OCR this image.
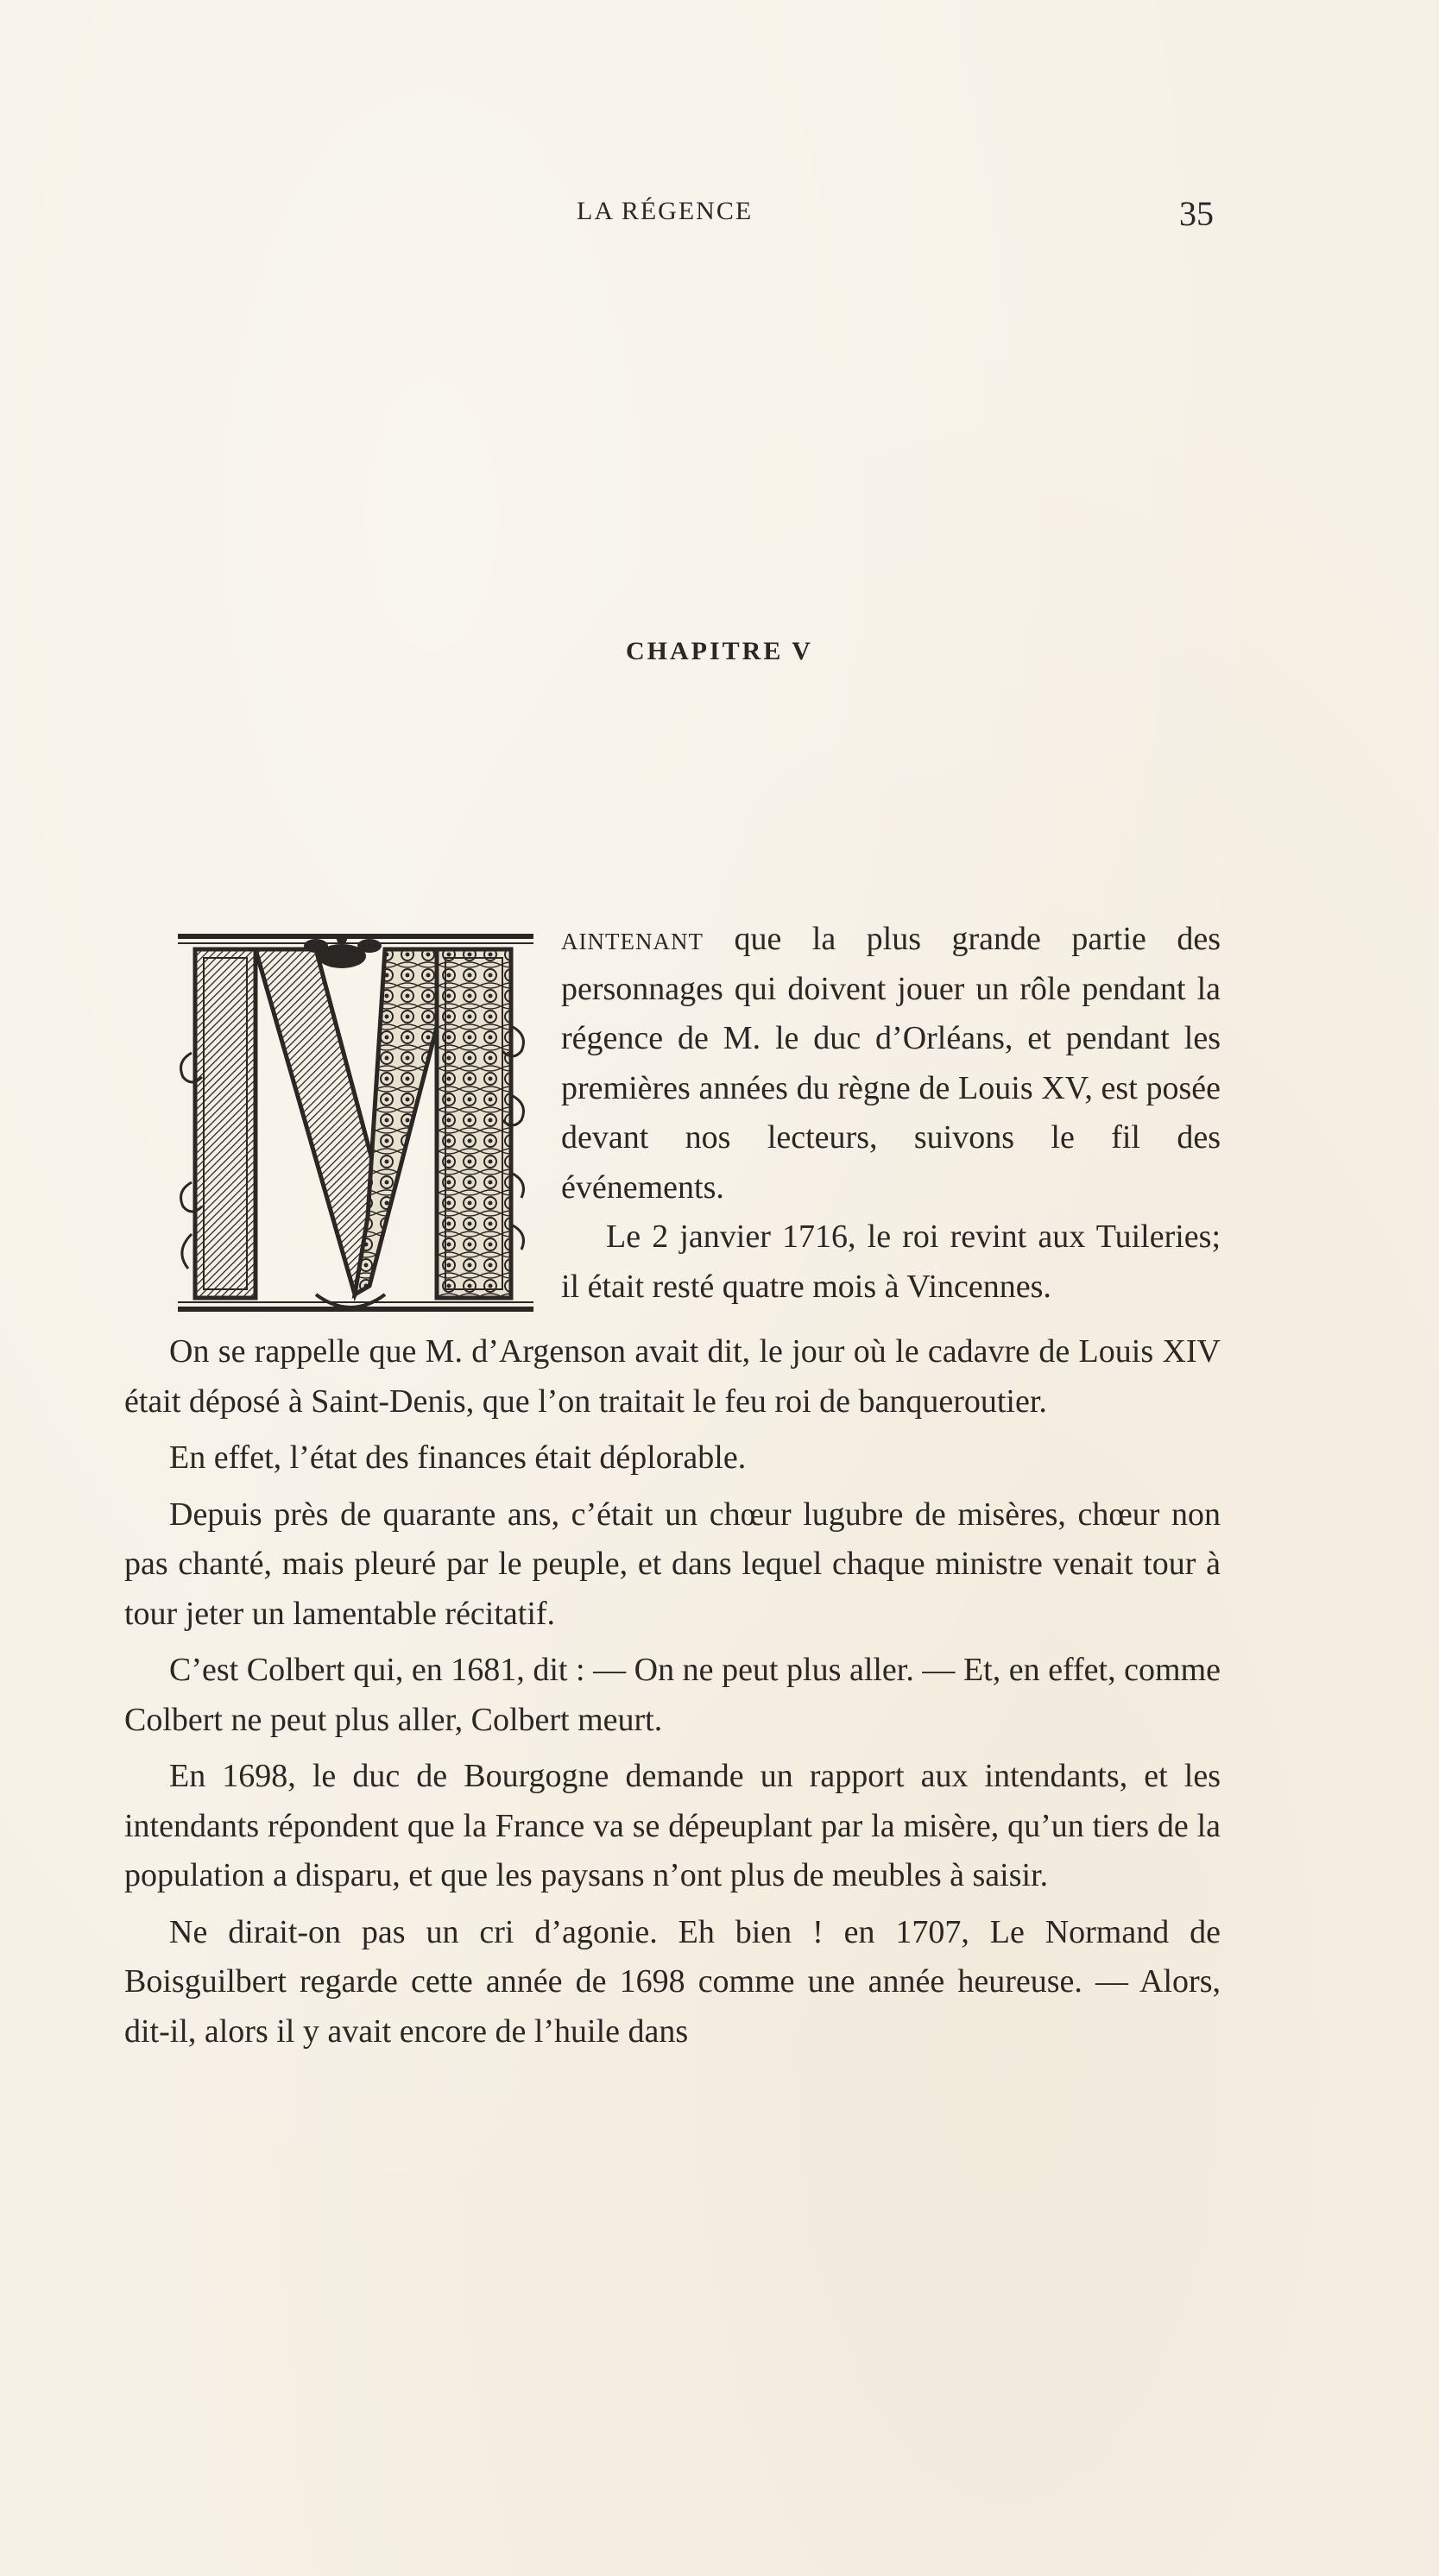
LA RÉGENCE	35
CHAPITRE V

aintenant que la plus grande partie des personnages qui doivent jouer un rôle pendant la régence de M. le duc d’Orléans, et pendant les premières années du règne de Louis XV, est posée devant nos lecteurs, suivons le fil des événements.

Le 2 janvier 1716, le roi revint aux Tuileries; il était resté quatre mois à Vincennes.

On se rappelle que M. d’Argenson avait dit, le jour où le cadavre de Louis XIV était déposé à Saint-Denis, que l’on traitait le feu roi de banqueroutier.

En effet, l’état des finances était déplorable.

Depuis près de quarante ans, c’était un chœur lugubre de misères, chœur non pas chanté, mais pleuré par le peuple, et dans lequel chaque ministre venait tour à tour jeter un lamentable récitatif.

C’est Colbert qui, en 1681, dit : — On ne peut plus aller. — Et, en effet, comme Colbert ne peut plus aller, Colbert meurt.

En 1698, le duc de Bourgogne demande un rapport aux intendants, et les intendants répondent que la France va se dépeuplant par la misère, qu’un tiers de la population a disparu, et que les paysans n’ont plus de meubles à saisir.

Ne dirait-on pas un cri d’agonie. Eh bien ! en 1707, Le Normand de Boisguilbert regarde cette année de 1698 comme une année heureuse. — Alors, dit-il, alors il y avait encore de l’huile dans
